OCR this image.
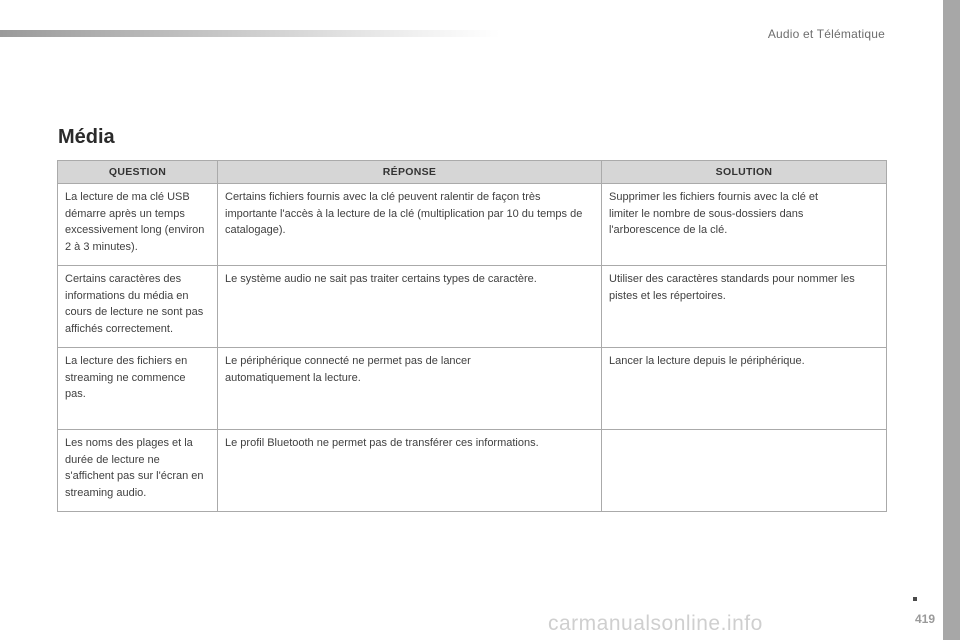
Audio et Télématique
Média
QUESTION	RÉPONSE	SOLUTION

La lecture de ma clé USB démarre après un temps excessivement long (environ 2 à 3 minutes).	Certains fichiers fournis avec la clé peuvent ralentir de façon très importante l'accès à la lecture de la clé (multiplication par 10 du temps de catalogage).	Supprimer les fichiers fournis avec la clé et limiter le nombre de sous-dossiers dans l'arborescence de la clé.

Certains caractères des informations du média en cours de lecture ne sont pas affichés correctement.	Le système audio ne sait pas traiter certains types de caractère.	Utiliser des caractères standards pour nommer les pistes et les répertoires.

La lecture des fichiers en streaming ne commence pas.	Le périphérique connecté ne permet pas de lancer automatiquement la lecture.	Lancer la lecture depuis le périphérique.

Les noms des plages et la durée de lecture ne s'affichent pas sur l'écran en streaming audio.	Le profil Bluetooth ne permet pas de transférer ces informations.	

carmanualsonline.info	419
